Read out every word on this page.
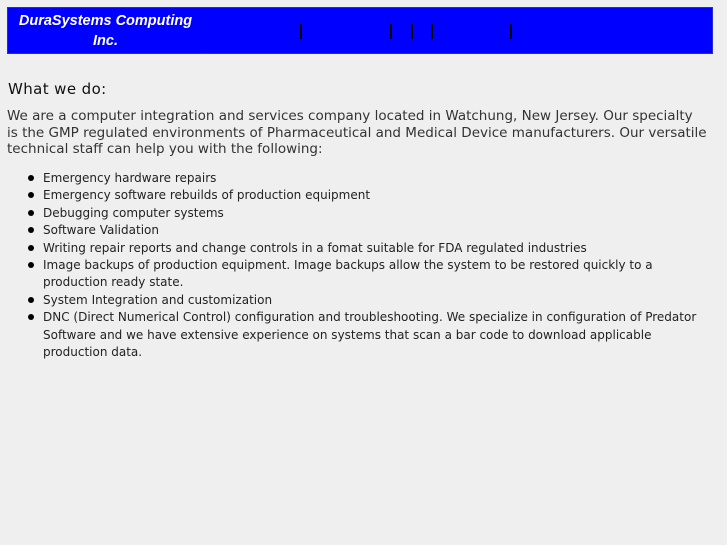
DuraSystems Computing
Inc.
What we do:

We are a computer integration and services company located in Watchung, New Jersey. Our specialty is the GMP regulated environments of Pharmaceutical and Medical Device manufacturers. Our versatile technical staff can help you with the following:

Emergency hardware repairs
Emergency software rebuilds of production equipment
Debugging computer systems
Software Validation
Writing repair reports and change controls in a fomat suitable for FDA regulated industries
Image backups of production equipment. Image backups allow the system to be restored quickly to a production ready state.
System Integration and customization
DNC (Direct Numerical Control) configuration and troubleshooting. We specialize in configuration of Predator Software and we have extensive experience on systems that scan a bar code to download applicable production data.
